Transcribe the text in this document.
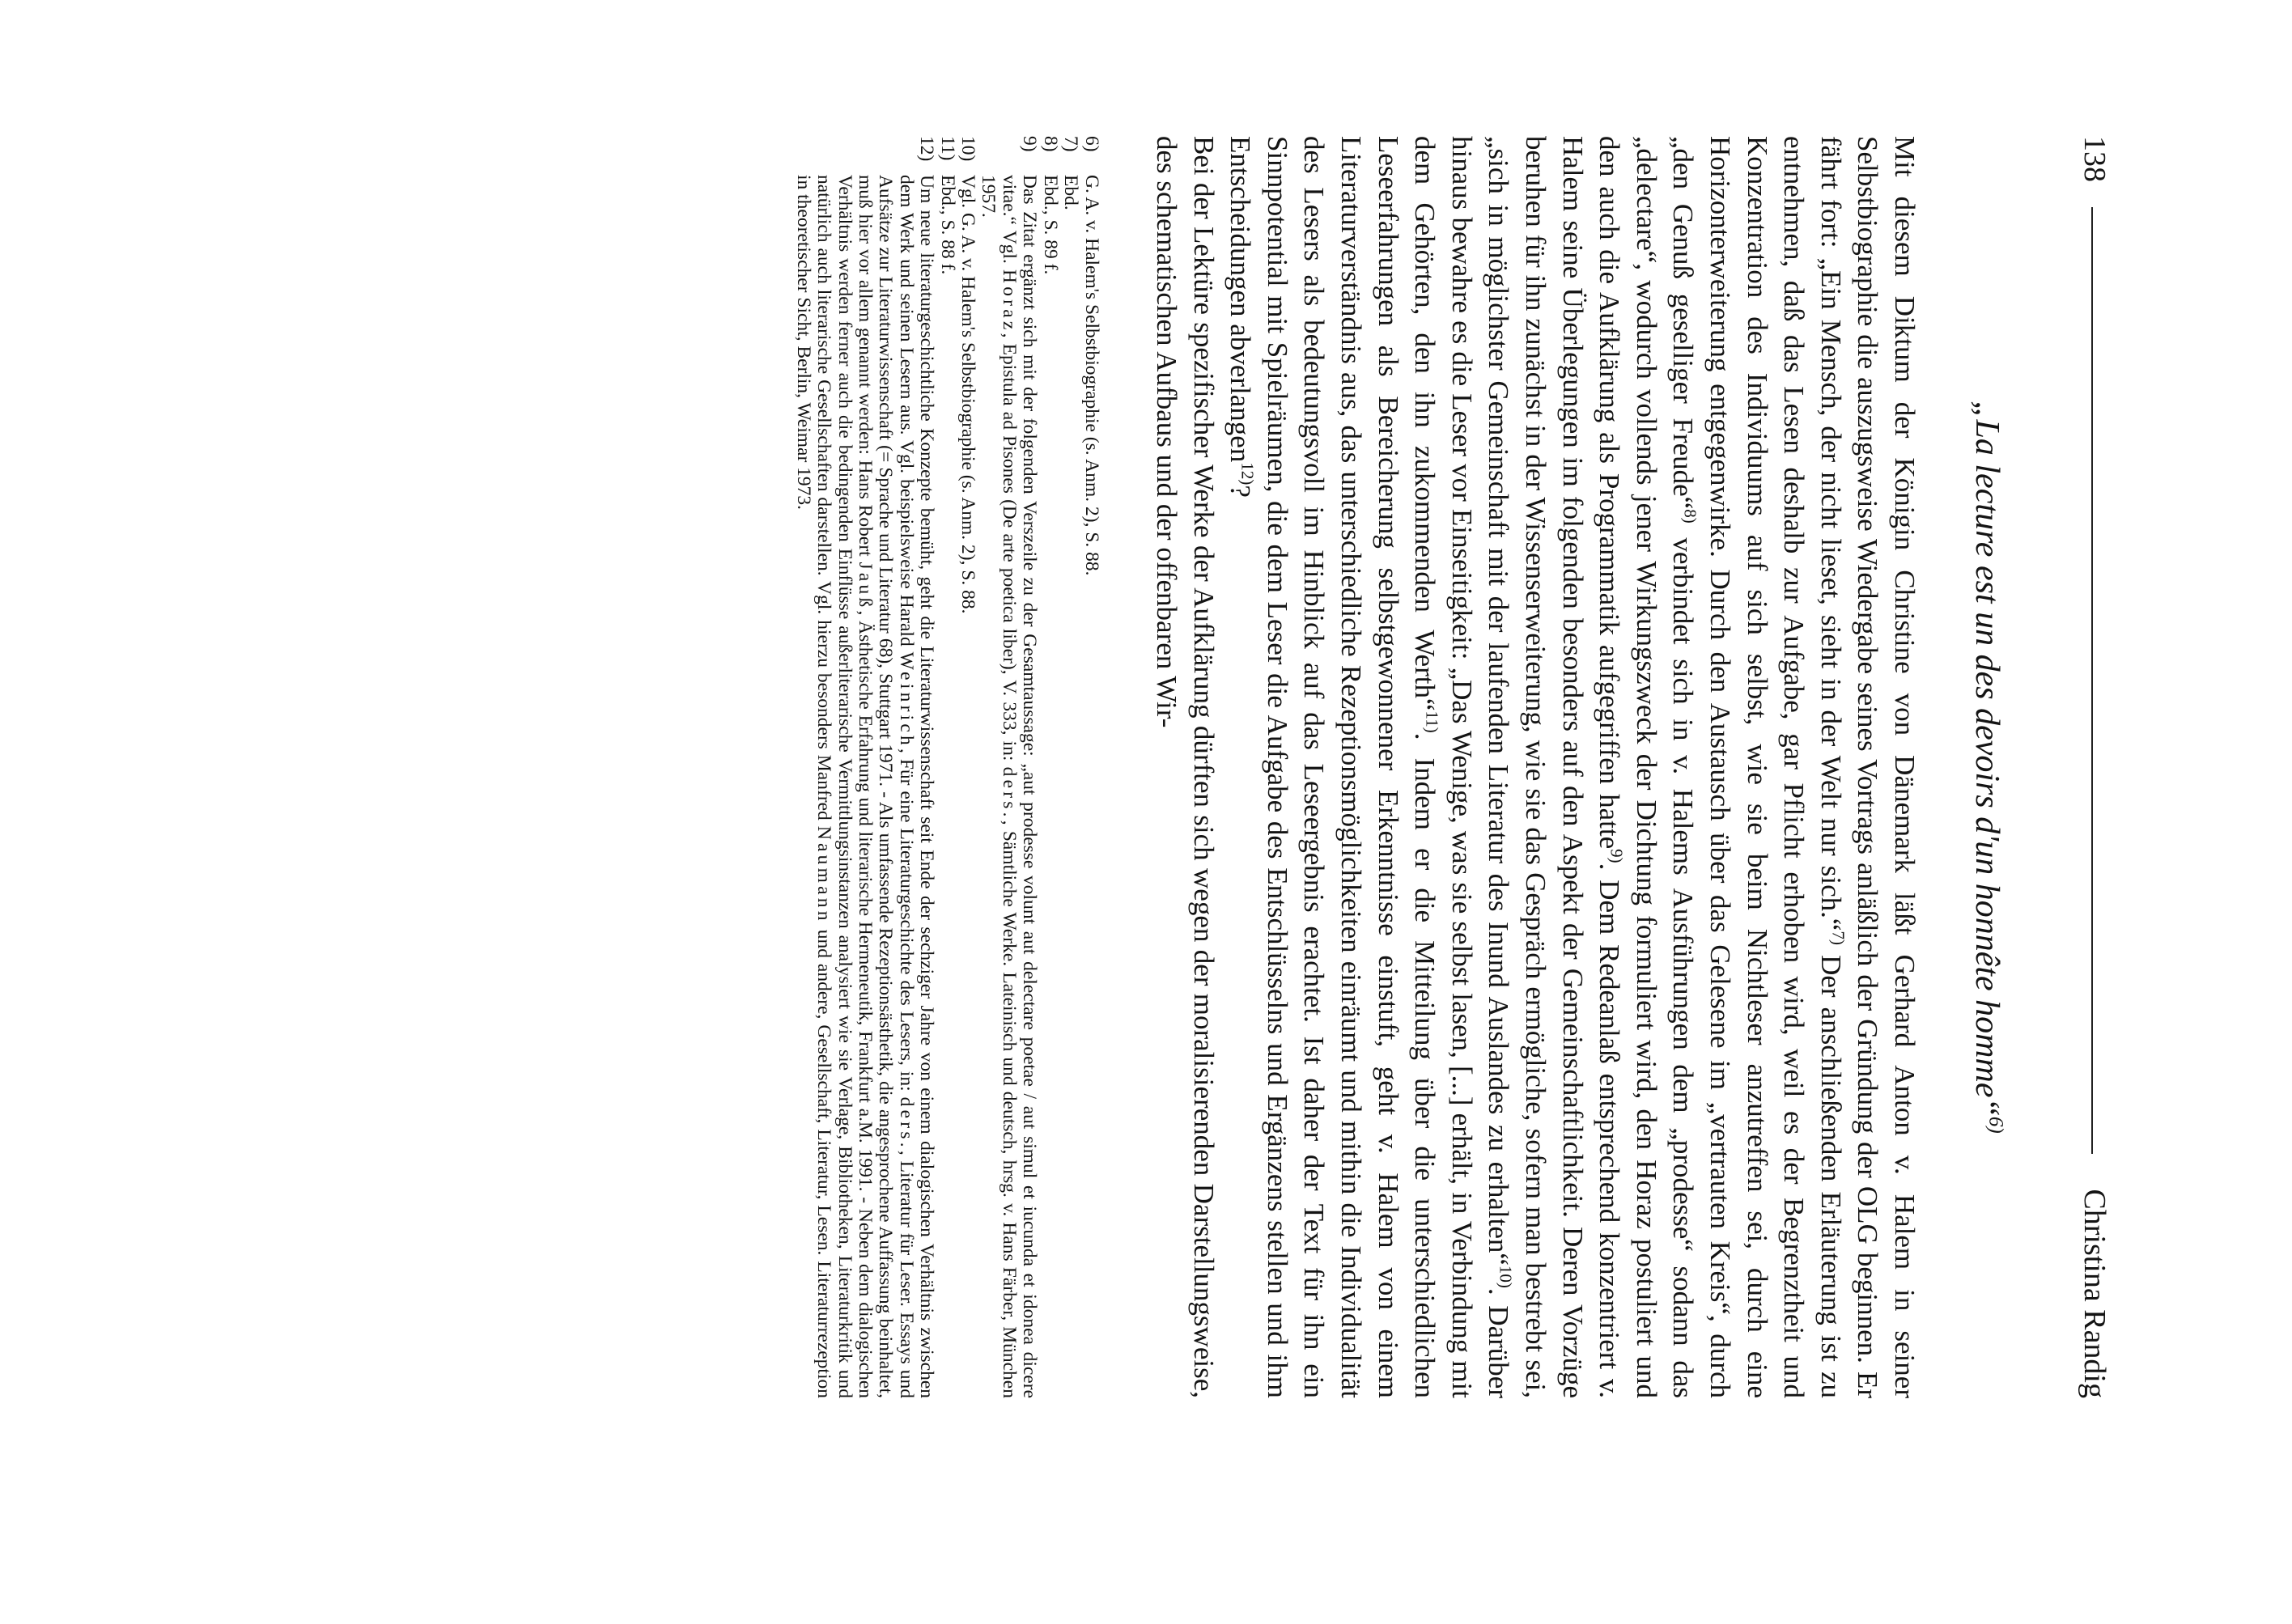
138
Christina Randig
„La lecture est un des devoirs d'un honnête homme“$^{6)}$

Mit diesem Diktum der Königin Christine von Dänemark läßt Gerhard Anton v. Halem in seiner Selbstbiographie die auszugsweise Wiedergabe seines Vortrags anläßlich der Gründung der OLG beginnen. Er fährt fort: „Ein Mensch, der nicht lieset, sieht in der Welt nur sich.“$^{7)}$ Der anschließenden Erläuterung ist zu entnehmen, daß das Lesen deshalb zur Aufgabe, gar Pflicht erhoben wird, weil es der Begrenztheit und Konzentration des Individuums auf sich selbst, wie sie beim Nichtleser anzutreffen sei, durch eine Horizonterweiterung entgegenwirke. Durch den Austausch über das Gelesene im „vertrauten Kreis“, durch „den Genuß geselliger Freude“$^{8)}$ verbindet sich in v. Halems Ausführungen dem „prodesse“ sodann das „delectare“, wodurch vollends jener Wirkungszweck der Dichtung formuliert wird, den Horaz postuliert und den auch die Aufklärung als Programmatik aufgegriffen hatte$^{9)}$. Dem Redeanlaß entsprechend konzentriert v. Halem seine Überlegungen im folgenden besonders auf den Aspekt der Gemeinschaftlichkeit. Deren Vorzüge beruhen für ihn zunächst in der Wissenserweiterung, wie sie das Gespräch ermögliche, sofern man bestrebt sei, „sich in möglichster Gemeinschaft mit der laufenden Literatur des Inund Auslandes zu erhalten“$^{10)}$. Darüber hinaus bewahre es die Leser vor Einseitigkeit: „Das Wenige, was sie selbst lasen, [...] erhält, in Verbindung mit dem Gehörten, den ihn zukommenden Werth“$^{11)}$. Indem er die Mitteilung über die unterschiedlichen Leseerfahrungen als Bereicherung selbstgewonnener Erkenntnisse einstuft, geht v. Halem von einem Literaturverständnis aus, das unterschiedliche Rezeptionsmöglichkeiten einräumt und mithin die Individualität des Lesers als bedeutungsvoll im Hinblick auf das Leseergebnis erachtet. Ist daher der Text für ihn ein Sinnpotential mit Spielräumen, die dem Leser die Aufgabe des Entschlüsselns und Ergänzens stellen und ihm Entscheidungen abverlangen$^{12)}$?

Bei der Lektüre spezifischer Werke der Aufklärung dürften sich wegen der moralisierenden Darstellungsweise, des schematischen Aufbaus und der offenbaren Wir-

6)
G. A. v. Halem's Selbstbiographie (s. Anm. 2), S. 88.
7)
Ebd.
8)
Ebd., S. 89 f.
9)
Das Zitat ergänzt sich mit der folgenden Verszeile zu der Gesamtaussage: „aut prodesse volunt aut delectare poetae / aut simul et iucunda et idonea dicere vitae.“ Vgl. Horaz, Epistula ad Pisones (De arte poetica liber), V. 333, in: ders., Sämtliche Werke. Lateinisch und deutsch, hrsg. v. Hans Färber, München 1957.
10)
Vgl. G. A. v. Halem's Selbstbiographie (s. Anm. 2), S. 88.
11)
Ebd., S. 88 f.
12)
Um neue literaturgeschichtliche Konzepte bemüht, geht die Literaturwissenschaft seit Ende der sechziger Jahre von einem dialogischen Verhältnis zwischen dem Werk und seinen Lesern aus. Vgl. beispielsweise Harald Weinrich, Für eine Literaturgeschichte des Lesers, in: ders., Literatur für Leser. Essays und Aufsätze zur Literaturwissenschaft (= Sprache und Literatur 68), Stuttgart 1971. - Als umfassende Rezeptionsästhetik, die angesprochene Auffassung beinhaltet, muß hier vor allem genannt werden: Hans Robert Jauß, Ästhetische Erfahrung und literarische Hermeneutik, Frankfurt a.M. 1991. - Neben dem dialogischen Verhältnis werden ferner auch die bedingenden Einflüsse außerliterarische Vermittlungsinstanzen analysiert wie sie Verlage, Bibliotheken, Literaturkritik und natürlich auch literarische Gesellschaften darstellen. Vgl. hierzu besonders Manfred Naumann und andere, Gesellschaft, Literatur, Lesen. Literaturrezeption in theoretischer Sicht, Berlin, Weimar 1973.
